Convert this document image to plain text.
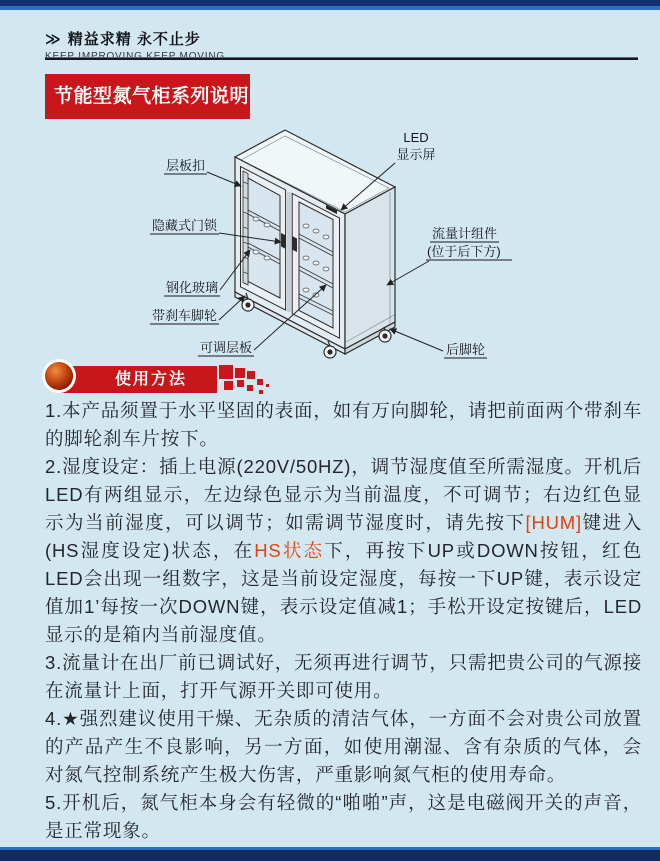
≫ 精益求精 永不止步
节能型氮气柜系列说明
层板扣
隐藏式门锁
钢化玻璃
带刹车脚轮
可调层板
LED
显示屏
流量计组件
(位于后下方)
后脚轮
使用方法

1.本产品须置于水平坚固的表面，如有万向脚轮，请把前面两个带刹车的脚轮刹车片按下。

2.湿度设定：插上电源(220V/50HZ)，调节湿度值至所需湿度。开机后LED有两组显示，左边绿色显示为当前温度，不可调节；右边红色显示为当前湿度，可以调节；如需调节湿度时，请先按下[HUM]键进入(HS湿度设定)状态，在HS状态下，再按下UP或DOWN按钮，红色LED会出现一组数字，这是当前设定湿度，每按一下UP键，表示设定值加1’每按一次DOWN键，表示设定值减1；手松开设定按键后，LED显示的是箱内当前湿度值。

3.流量计在出厂前已调试好，无须再进行调节，只需把贵公司的气源接在流量计上面，打开气源开关即可使用。

4.★强烈建议使用干燥、无杂质的清洁气体，一方面不会对贵公司放置的产品产生不良影响，另一方面，如使用潮湿、含有杂质的气体，会对氮气控制系统产生极大伤害，严重影响氮气柜的使用寿命。

5.开机后，氮气柜本身会有轻微的“啪啪”声，这是电磁阀开关的声音，是正常现象。
